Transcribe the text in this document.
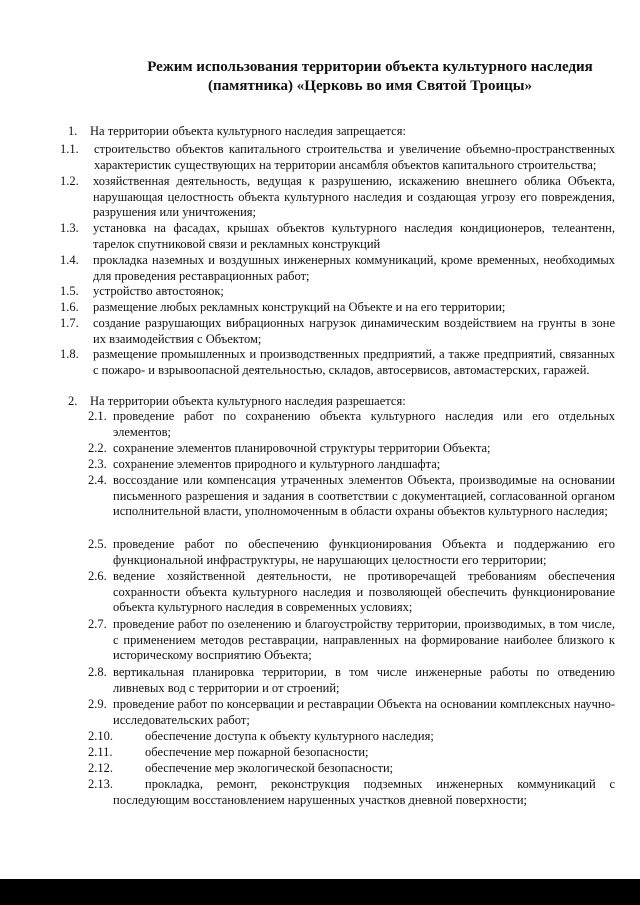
Режим использования территории объекта культурного наследия
(памятника) «Церковь во имя Святой Троицы»
1.	На территории объекта культурного наследия запрещается:
1.1.	строительство объектов капитального строительства и увеличение объемно-пространственных характеристик существующих на территории ансамбля объектов капитального строительства;
1.2. хозяйственная деятельность, ведущая к разрушению, искажению внешнего облика Объекта, нарушающая целостность объекта культурного наследия и создающая угрозу его повреждения, разрушения или уничтожения;
1.3. установка на фасадах, крышах объектов культурного наследия кондиционеров, телеантенн, тарелок спутниковой связи и рекламных конструкций
1.4. прокладка наземных и воздушных инженерных коммуникаций, кроме временных, необходимых для проведения реставрационных работ;
1.5. устройство автостоянок;
1.6. размещение любых рекламных конструкций на Объекте и на его территории;
1.7. создание разрушающих вибрационных нагрузок динамическим воздействием на грунты в зоне их взаимодействия с Объектом;
1.8. размещение промышленных и производственных предприятий, а также предприятий, связанных с пожаро- и взрывоопасной деятельностью, складов, автосервисов, автомастерских, гаражей.
2.	На территории объекта культурного наследия разрешается:
2.1. проведение работ по сохранению объекта культурного наследия или его отдельных элементов;
2.2. сохранение элементов планировочной структуры территории Объекта;
2.3. сохранение элементов природного и культурного ландшафта;
2.4. воссоздание или компенсация утраченных элементов Объекта, производимые на основании письменного разрешения и задания в соответствии с документацией, согласованной органом исполнительной власти, уполномоченным в области охраны объектов культурного наследия;
2.5. проведение работ по обеспечению функционирования Объекта и поддержанию его функциональной инфраструктуры, не нарушающих целостности его территории;
2.6. ведение хозяйственной деятельности, не противоречащей требованиям обеспечения сохранности объекта культурного наследия и позволяющей обеспечить функционирование объекта культурного наследия в современных условиях;
2.7. проведение работ по озеленению и благоустройству территории, производимых, в том числе, с применением методов реставрации, направленных на формирование наиболее близкого к историческому восприятию Объекта;
2.8. вертикальная планировка территории, в том числе инженерные работы по отведению ливневых вод с территории и от строений;
2.9. проведение работ по консервации и реставрации Объекта на основании комплексных научно-исследовательских работ;
2.10.	обеспечение доступа к объекту культурного наследия;
2.11.	обеспечение мер пожарной безопасности;
2.12.	обеспечение мер экологической безопасности;
2.13.	прокладка, ремонт, реконструкция подземных инженерных коммуникаций с последующим восстановлением нарушенных участков дневной поверхности;
